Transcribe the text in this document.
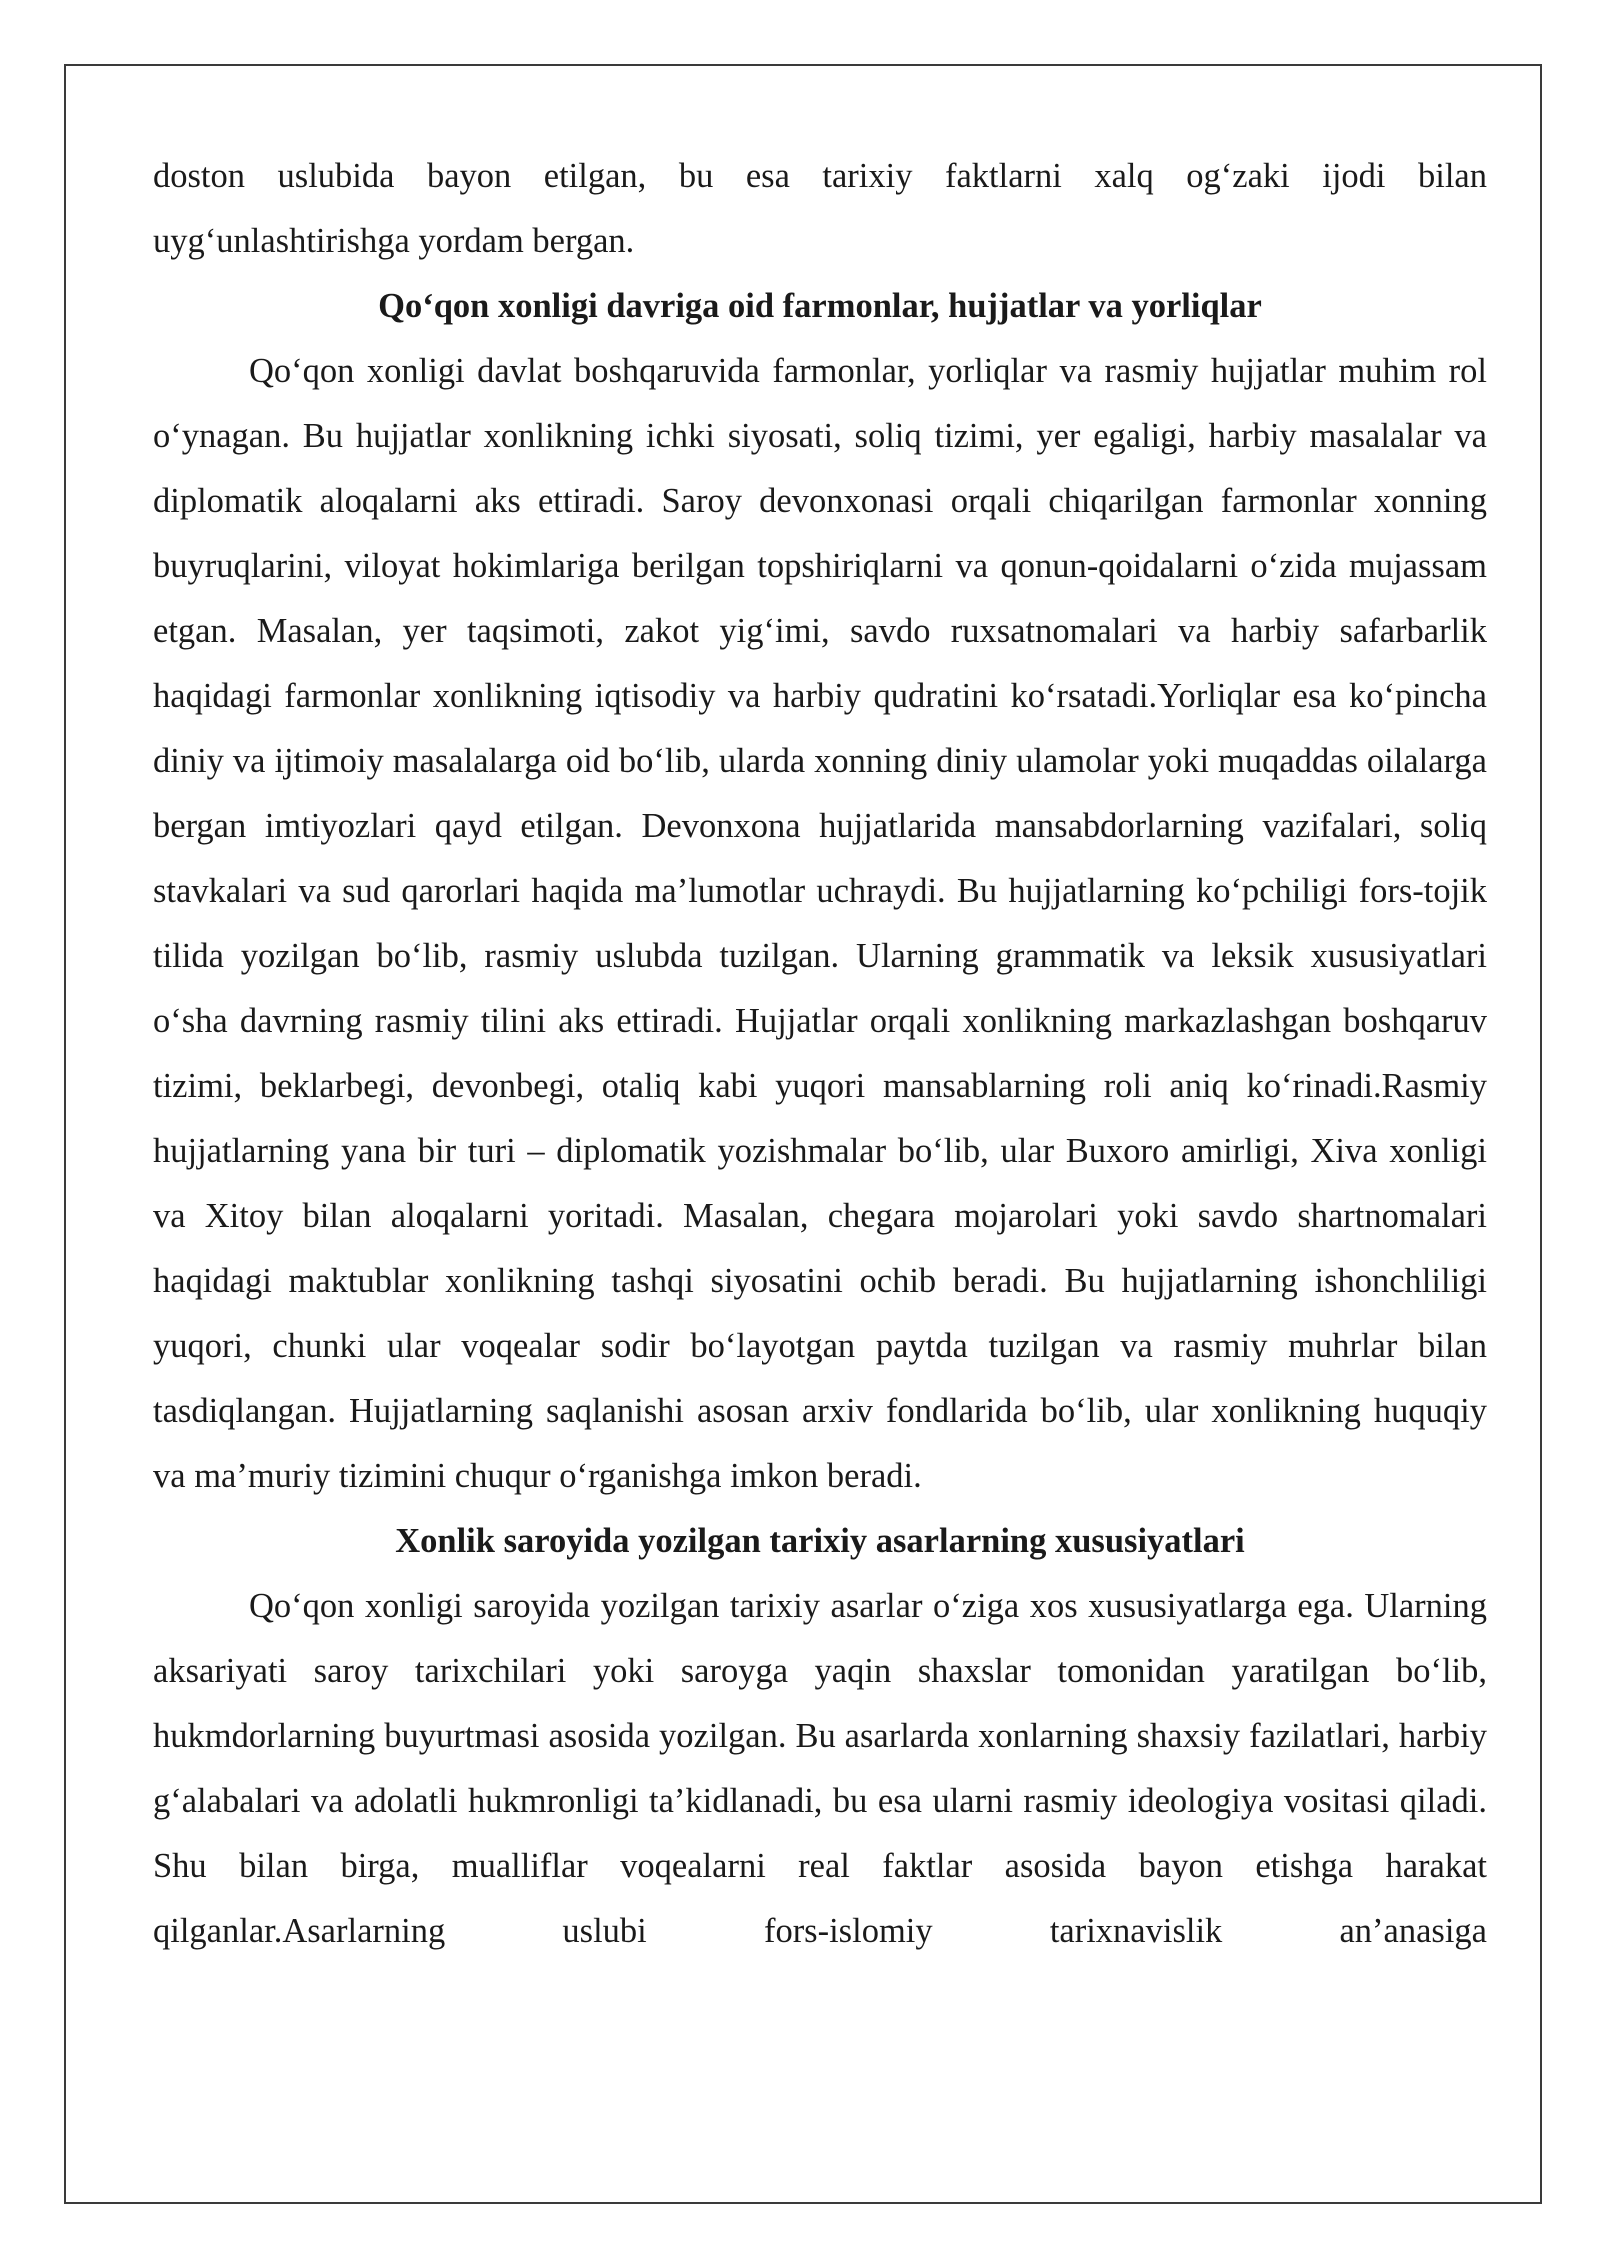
doston uslubida bayon etilgan, bu esa tarixiy faktlarni xalq og‘zaki ijodi bilan uyg‘unlashtirishga yordam bergan.

Qo‘qon xonligi davriga oid farmonlar, hujjatlar va yorliqlar

Qo‘qon xonligi davlat boshqaruvida farmonlar, yorliqlar va rasmiy hujjatlar muhim rol o‘ynagan. Bu hujjatlar xonlikning ichki siyosati, soliq tizimi, yer egaligi, harbiy masalalar va diplomatik aloqalarni aks ettiradi. Saroy devonxonasi orqali chiqarilgan farmonlar xonning buyruqlarini, viloyat hokimlariga berilgan topshiriqlarni va qonun-qoidalarni o‘zida mujassam etgan. Masalan, yer taqsimoti, zakot yig‘imi, savdo ruxsatnomalari va harbiy safarbarlik haqidagi farmonlar xonlikning iqtisodiy va harbiy qudratini ko‘rsatadi.Yorliqlar esa ko‘pincha diniy va ijtimoiy masalalarga oid bo‘lib, ularda xonning diniy ulamolar yoki muqaddas oilalarga bergan imtiyozlari qayd etilgan. Devonxona hujjatlarida mansabdorlarning vazifalari, soliq stavkalari va sud qarorlari haqida ma’lumotlar uchraydi. Bu hujjatlarning ko‘pchiligi fors-tojik tilida yozilgan bo‘lib, rasmiy uslubda tuzilgan. Ularning grammatik va leksik xususiyatlari o‘sha davrning rasmiy tilini aks ettiradi. Hujjatlar orqali xonlikning markazlashgan boshqaruv tizimi, beklarbegi, devonbegi, otaliq kabi yuqori mansablarning roli aniq ko‘rinadi.Rasmiy hujjatlarning yana bir turi – diplomatik yozishmalar bo‘lib, ular Buxoro amirligi, Xiva xonligi va Xitoy bilan aloqalarni yoritadi. Masalan, chegara mojarolari yoki savdo shartnomalari haqidagi maktublar xonlikning tashqi siyosatini ochib beradi. Bu hujjatlarning ishonchliligi yuqori, chunki ular voqealar sodir bo‘layotgan paytda tuzilgan va rasmiy muhrlar bilan tasdiqlangan. Hujjatlarning saqlanishi asosan arxiv fondlarida bo‘lib, ular xonlikning huquqiy va ma’muriy tizimini chuqur o‘rganishga imkon beradi.

Xonlik saroyida yozilgan tarixiy asarlarning xususiyatlari

Qo‘qon xonligi saroyida yozilgan tarixiy asarlar o‘ziga xos xususiyatlarga ega. Ularning aksariyati saroy tarixchilari yoki saroyga yaqin shaxslar tomonidan yaratilgan bo‘lib, hukmdorlarning buyurtmasi asosida yozilgan. Bu asarlarda xonlarning shaxsiy fazilatlari, harbiy g‘alabalari va adolatli hukmronligi ta’kidlanadi, bu esa ularni rasmiy ideologiya vositasi qiladi. Shu bilan birga, mualliflar voqealarni real faktlar asosida bayon etishga harakat qilganlar.Asarlarning uslubi fors-islomiy tarixnavislik an’anasiga
